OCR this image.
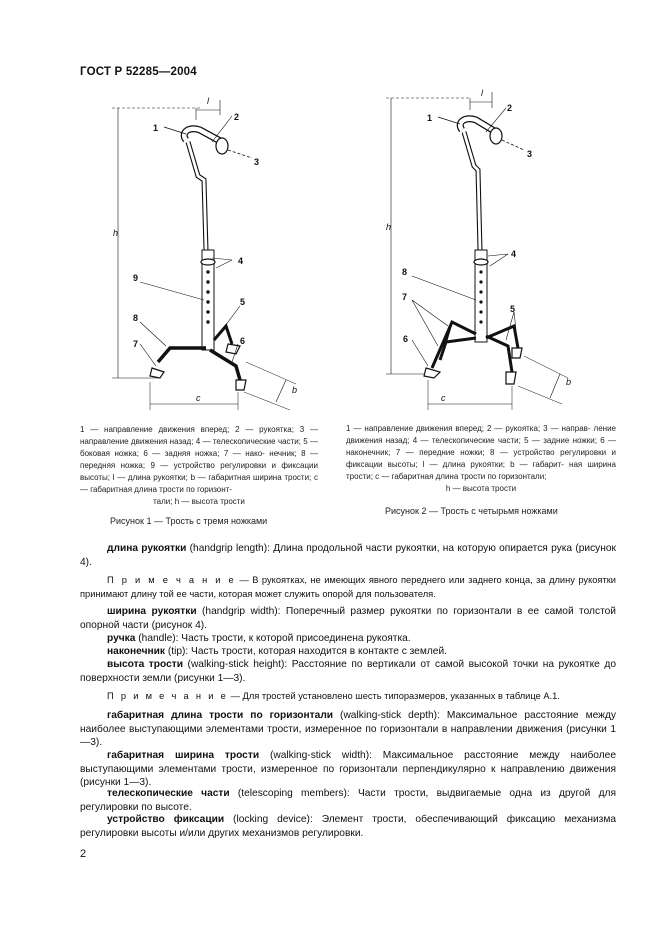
ГОСТ Р 52285—2004
1
2
3
4
5
6
7
8
9
h
l
c
b
1
2
3
4
5
6
7
8
h
l
c
b
1 — направление движения вперед; 2 — рукоятка; 3 — направление движения назад; 4 — телескопические части; 5 — боковая ножка; 6 — задняя ножка; 7 — нако- нечник; 8 — передняя ножка; 9 — устройство регулировки и фиксации высоты; l — длина рукоятки; b — габаритная ширина трости; c — габаритная длина трости по горизонт-
тали; h — высота трости
Рисунок 1 — Трость с тремя ножками
1 — направление движения вперед; 2 — рукоятка; 3 — направ- ление движения назад; 4 — телескопические части; 5 — задние ножки; 6 — наконечник; 7 — передние ножки; 8 — устройство регулировки и фиксации высоты; l — длина рукоятки; b — габарит- ная ширина трости; c — габаритная длина трости по горизонтали;
h — высота трости
Рисунок 2 — Трость с четырьмя ножками
длина рукоятки (handgrip length): Длина продольной части рукоятки, на которую опирается рука (рисунок 4).
П р и м е ч а н и е — В рукоятках, не имеющих явного переднего или заднего конца, за длину рукоятки принимают длину той ее части, которая может служить опорой для пользователя.
ширина рукоятки (handgrip width): Поперечный размер рукоятки по горизонтали в ее самой толстой опорной части (рисунок 4).
ручка (handle): Часть трости, к которой присоединена рукоятка.
наконечник (tip): Часть трости, которая находится в контакте с землей.
высота трости (walking-stick height): Расстояние по вертикали от самой высокой точки на рукоятке до поверхности земли (рисунки 1—3).
П р и м е ч а н и е — Для тростей установлено шесть типоразмеров, указанных в таблице А.1.
габаритная длина трости по горизонтали (walking-stick depth): Максимальное расстояние между наиболее выступающими элементами трости, измеренное по горизонтали в направлении движения (рисунки 1—3).
габаритная ширина трости (walking-stick width): Максимальное расстояние между наиболее выступающими элементами трости, измеренное по горизонтали перпендикулярно к направлению движения (рисунки 1—3).
телескопические части (telescoping members): Части трости, выдвигаемые одна из другой для регулировки по высоте.
устройство фиксации (locking device): Элемент трости, обеспечивающий фиксацию механизма регулировки высоты и/или других механизмов регулировки.
2
